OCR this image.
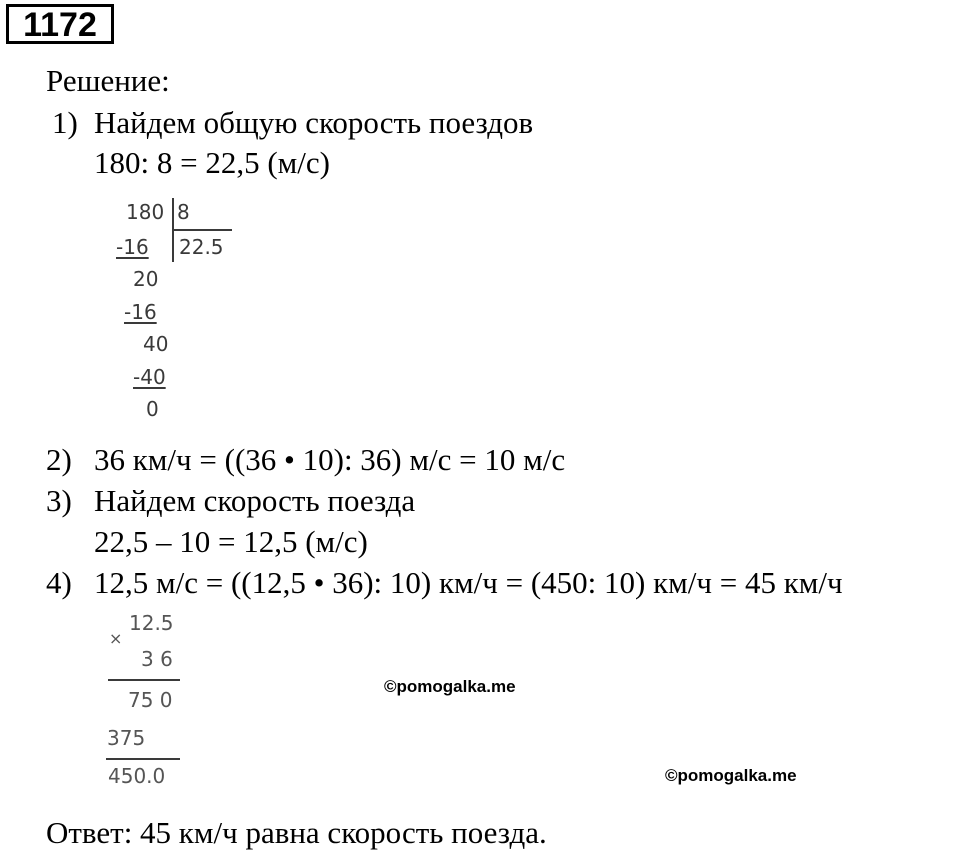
1172
Решение:
1) Найдем общую скорость поездов
180: 8 = 22,5 (м/с)
180 8
22.5
-16
20
-16
40
-40
0
2) 36 км/ч = ((36 • 10): 36) м/с = 10 м/с
3) Найдем скорость поезда
22,5 – 10 = 12,5 (м/с)
4) 12,5 м/с = ((12,5 • 36): 10) км/ч = (450: 10) км/ч = 45 км/ч
×
12.5
3 6
75 0
375
450.0
©pomogalka.me
©pomogalka.me
Ответ: 45 км/ч равна скорость поезда.
